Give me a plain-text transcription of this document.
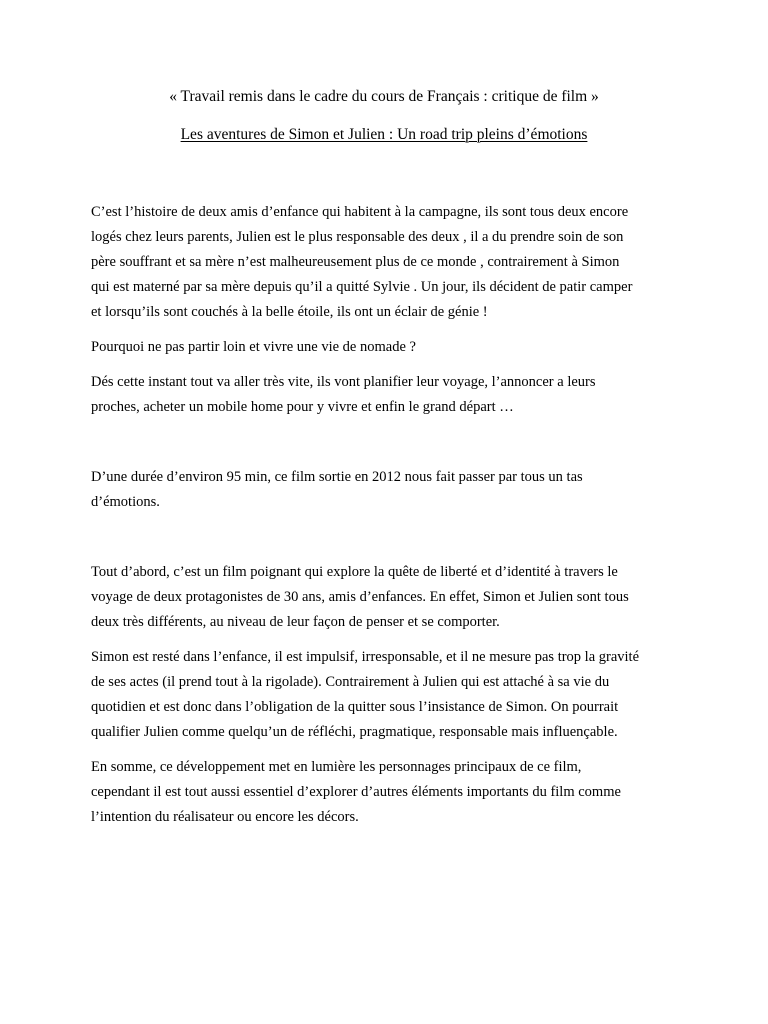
« Travail remis dans le cadre du cours de Français : critique de film »
Les aventures de Simon et Julien : Un road trip pleins d’émotions

C’est l’histoire de deux amis d’enfance qui habitent à la campagne, ils sont tous deux encore
logés chez leurs parents, Julien est le plus responsable des deux , il a du prendre soin de son
père souffrant et sa mère n’est malheureusement plus de ce monde , contrairement à Simon
qui est materné par sa mère depuis qu’il a quitté Sylvie . Un jour, ils décident de patir camper
et lorsqu’ils sont couchés à la belle étoile, ils ont un éclair de génie !

Pourquoi ne pas partir loin et vivre une vie de nomade ?

Dés cette instant tout va aller très vite, ils vont planifier leur voyage, l’annoncer a leurs
proches, acheter un mobile home pour y vivre et enfin le grand départ …

D’une durée d’environ 95 min, ce film sortie en 2012 nous fait passer par tous un tas
d’émotions.

Tout d’abord, c’est un film poignant qui explore la quête de liberté et d’identité à travers le
voyage de deux protagonistes de 30 ans, amis d’enfances. En effet, Simon et Julien sont tous
deux très différents, au niveau de leur façon de penser et se comporter.

Simon est resté dans l’enfance, il est impulsif, irresponsable, et il ne mesure pas trop la gravité
de ses actes (il prend tout à la rigolade). Contrairement à Julien qui est attaché à sa vie du
quotidien et est donc dans l’obligation de la quitter sous l’insistance de Simon. On pourrait
qualifier Julien comme quelqu’un de réfléchi, pragmatique, responsable mais influençable.

En somme, ce développement met en lumière les personnages principaux de ce film,
cependant il est tout aussi essentiel d’explorer d’autres éléments importants du film comme
l’intention du réalisateur ou encore les décors.
